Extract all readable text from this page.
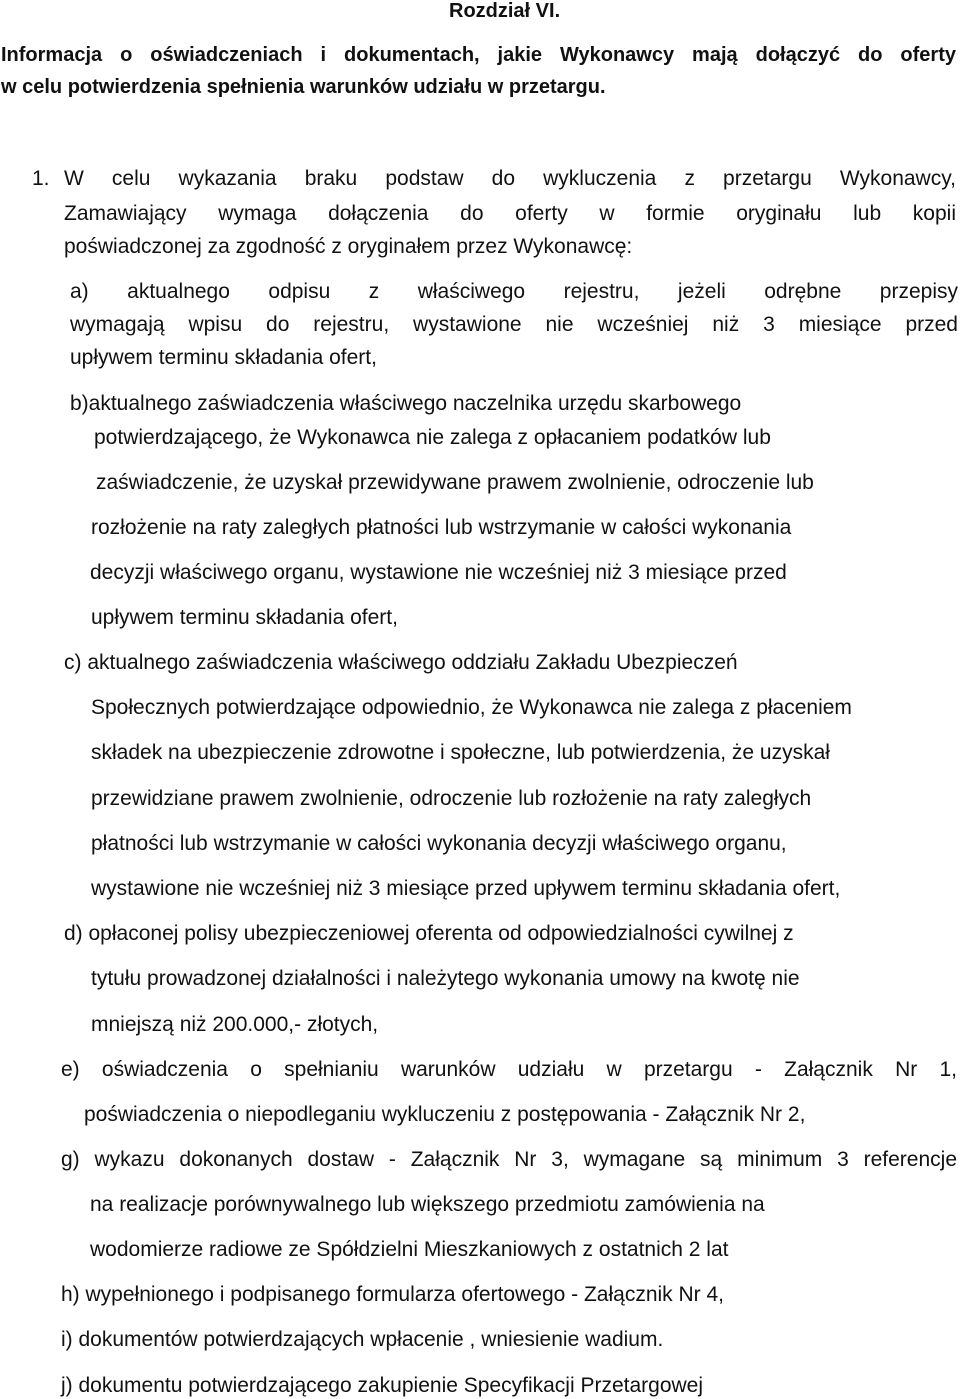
Rozdział VI.
Informacja o oświadczeniach i dokumentach, jakie Wykonawcy mają dołączyć do oferty
w celu potwierdzenia spełnienia warunków udziału w przetargu.
1. W celu wykazania braku podstaw do wykluczenia z przetargu Wykonawcy,
Zamawiający wymaga dołączenia do oferty w formie oryginału lub kopii
poświadczonej za zgodność z oryginałem przez Wykonawcę:
a) aktualnego odpisu z właściwego rejestru, jeżeli odrębne przepisy
wymagają wpisu do rejestru, wystawione nie wcześniej niż 3 miesiące przed
upływem terminu składania ofert,
b)aktualnego zaświadczenia właściwego naczelnika urzędu skarbowego
potwierdzającego, że Wykonawca nie zalega z opłacaniem podatków lub
zaświadczenie, że uzyskał przewidywane prawem zwolnienie, odroczenie lub
rozłożenie na raty zaległych płatności lub wstrzymanie w całości wykonania
decyzji właściwego organu, wystawione nie wcześniej niż 3 miesiące przed
upływem terminu składania ofert,
c) aktualnego zaświadczenia właściwego oddziału Zakładu Ubezpieczeń
Społecznych potwierdzające odpowiednio, że Wykonawca nie zalega z płaceniem
składek na ubezpieczenie zdrowotne i społeczne, lub potwierdzenia, że uzyskał
przewidziane prawem zwolnienie, odroczenie lub rozłożenie na raty zaległych
płatności lub wstrzymanie w całości wykonania decyzji właściwego organu,
wystawione nie wcześniej niż 3 miesiące przed upływem terminu składania ofert,
d) opłaconej polisy ubezpieczeniowej oferenta od odpowiedzialności cywilnej z
tytułu prowadzonej działalności i należytego wykonania umowy na kwotę nie
mniejszą niż 200.000,- złotych,
e) oświadczenia o spełnianiu warunków udziału w przetargu - Załącznik Nr 1,
poświadczenia o niepodleganiu wykluczeniu z postępowania - Załącznik Nr 2,
g) wykazu dokonanych dostaw - Załącznik Nr 3, wymagane są minimum 3 referencje
na realizacje porównywalnego lub większego przedmiotu zamówienia na
wodomierze radiowe ze Spółdzielni Mieszkaniowych z ostatnich 2 lat
h) wypełnionego i podpisanego formularza ofertowego - Załącznik Nr 4,
i) dokumentów potwierdzających wpłacenie , wniesienie wadium.
j) dokumentu potwierdzającego zakupienie Specyfikacji Przetargowej
